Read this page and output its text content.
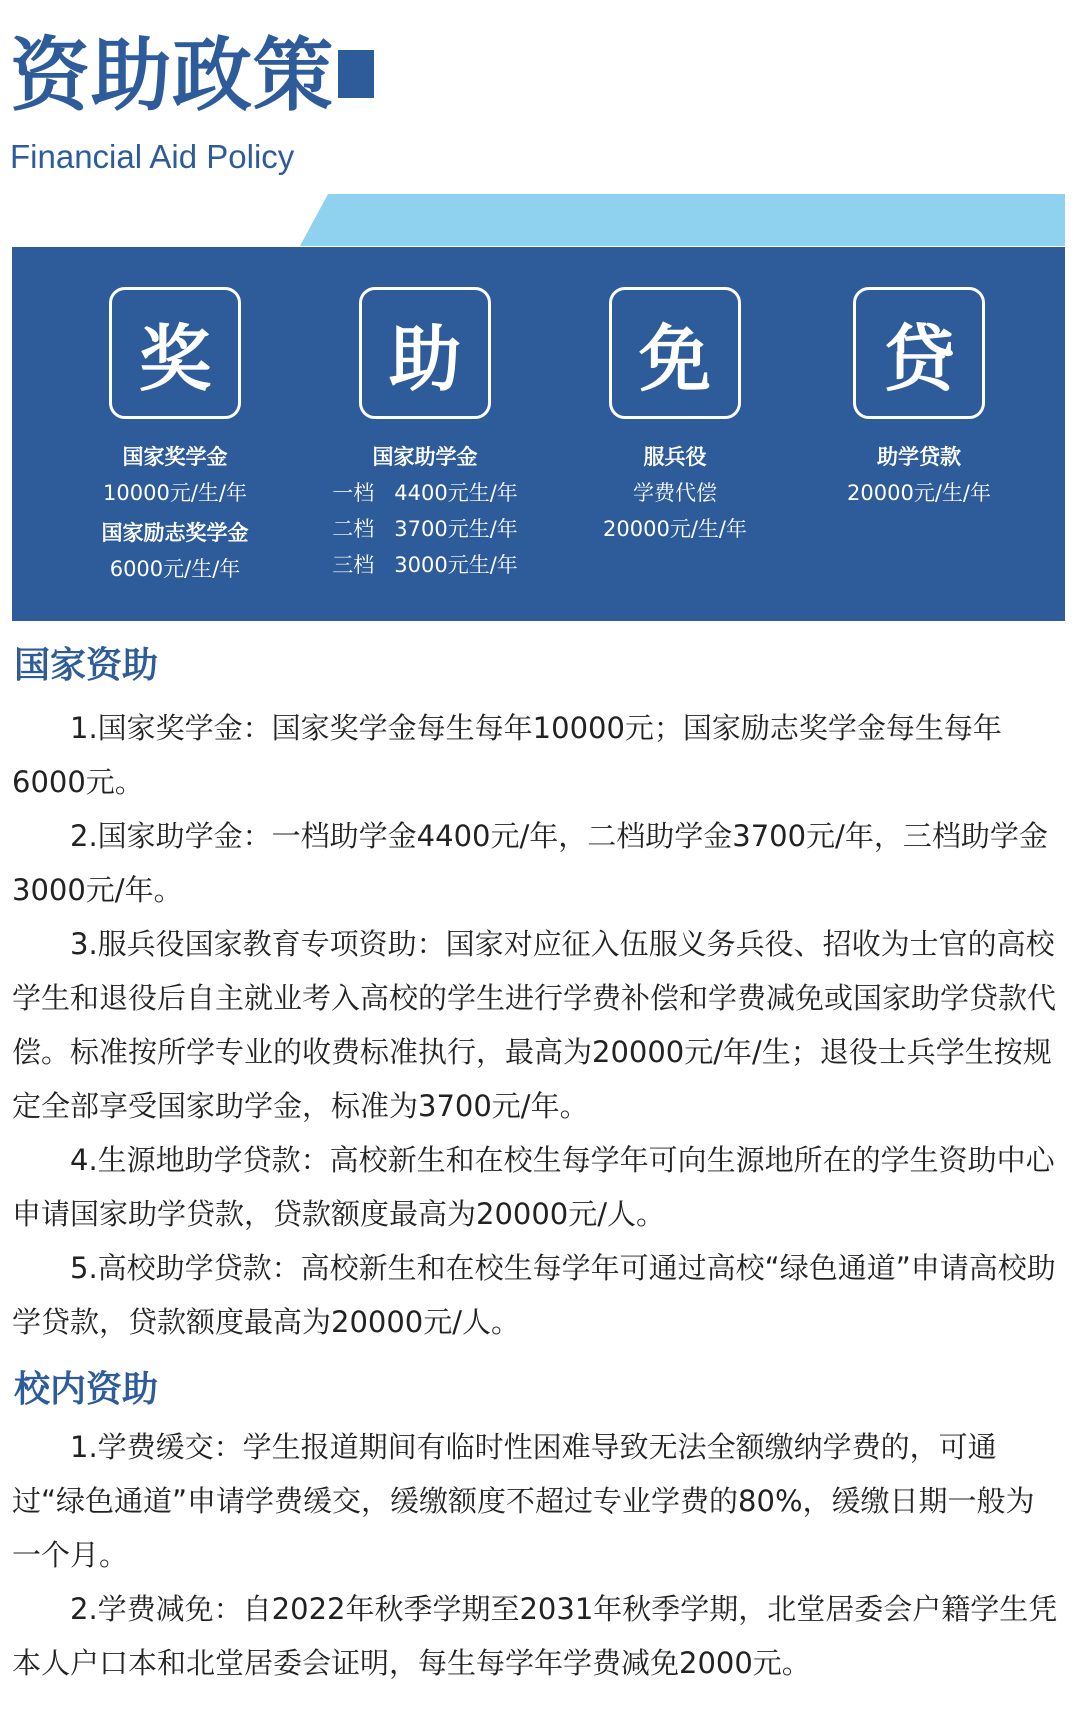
资助政策
Financial Aid Policy
奖
国家奖学金
10000元/生/年
国家励志奖学金
6000元/生/年
助
国家助学金
一档   4400元生/年
二档   3700元生/年
三档   3000元生/年
免
服兵役
学费代偿
20000元/生/年
贷
助学贷款
20000元/生/年
国家资助

1.国家奖学金：国家奖学金每生每年10000元；国家励志奖学金每生每年6000元。

2.国家助学金：一档助学金4400元/年，二档助学金3700元/年，三档助学金3000元/年。

3.服兵役国家教育专项资助：国家对应征入伍服义务兵役、招收为士官的高校学生和退役后自主就业考入高校的学生进行学费补偿和学费减免或国家助学贷款代偿。标准按所学专业的收费标准执行，最高为20000元/年/生；退役士兵学生按规定全部享受国家助学金，标准为3700元/年。

4.生源地助学贷款：高校新生和在校生每学年可向生源地所在的学生资助中心申请国家助学贷款，贷款额度最高为20000元/人。

5.高校助学贷款：高校新生和在校生每学年可通过高校“绿色通道”申请高校助学贷款，贷款额度最高为20000元/人。

校内资助

1.学费缓交：学生报道期间有临时性困难导致无法全额缴纳学费的，可通过“绿色通道”申请学费缓交，缓缴额度不超过专业学费的80%，缓缴日期一般为一个月。

2.学费减免：自2022年秋季学期至2031年秋季学期，北堂居委会户籍学生凭本人户口本和北堂居委会证明，每生每学年学费减免2000元。
